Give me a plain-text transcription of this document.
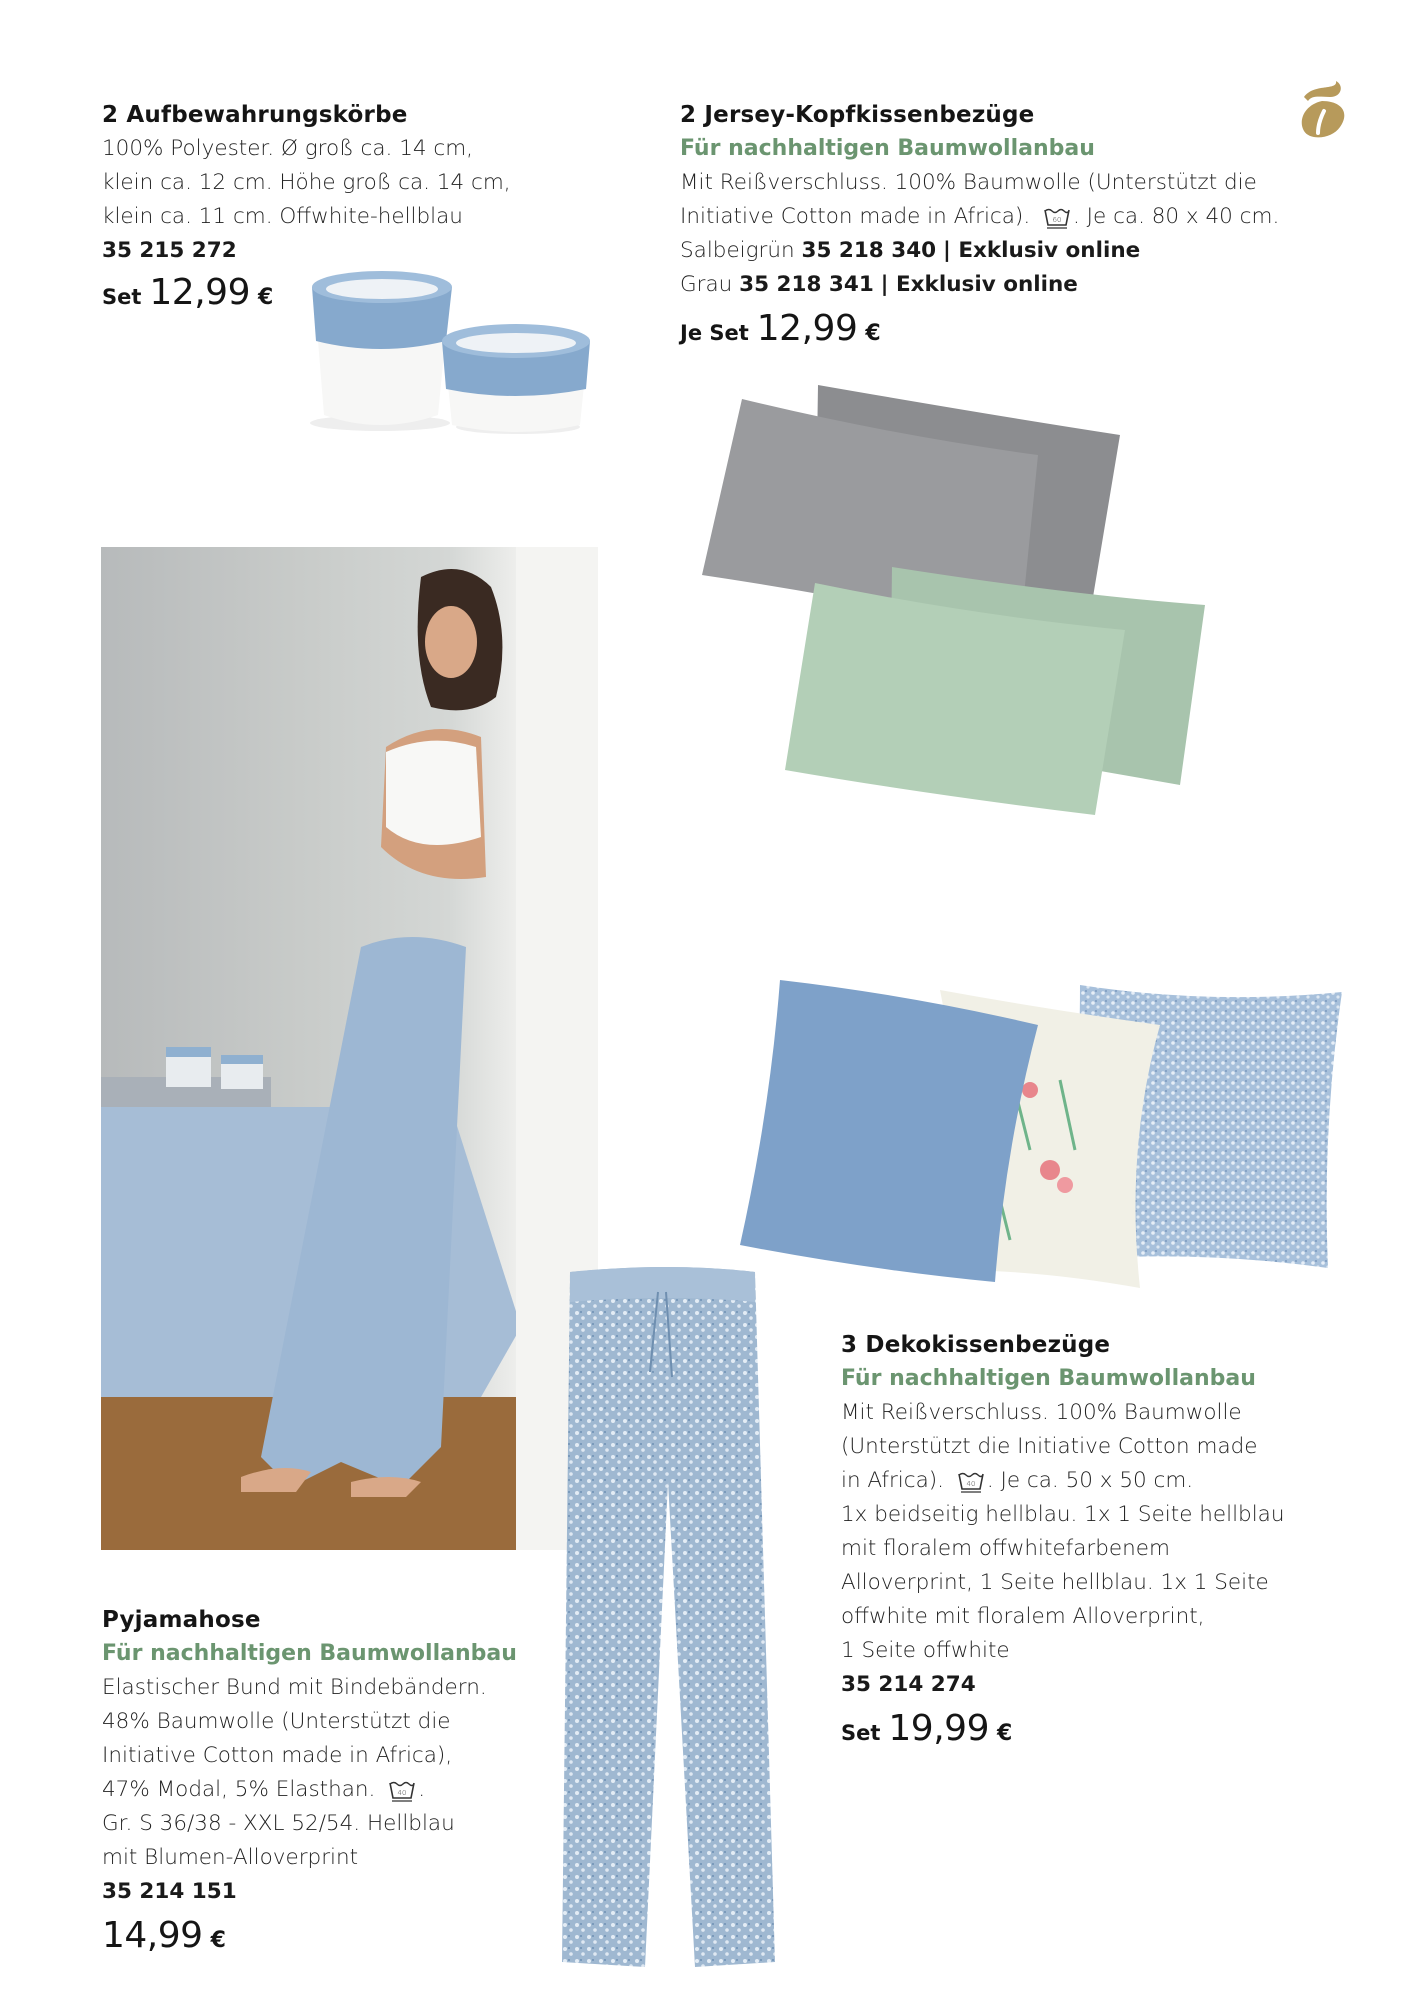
2 Aufbewahrungskörbe
100% Polyester. Ø groß ca. 14 cm,
klein ca. 12 cm. Höhe groß ca. 14 cm,
klein ca. 11 cm. Offwhite-hellblau
35 215 272
Set 12,99 €
2 Jersey-Kopfkissenbezüge
Für nachhaltigen Baumwollanbau
Mit Reißverschluss. 100% Baumwolle (Unterstützt die
Initiative Cotton made in Africa).	60 . Je ca. 80 x 40 cm.
Salbeigrün 35 218 340 | Exklusiv online
Grau 35 218 341 | Exklusiv online
Je Set 12,99 €
Pyjamahose
Für nachhaltigen Baumwollanbau
Elastischer Bund mit Bindebändern.
48% Baumwolle (Unterstützt die
Initiative Cotton made in Africa),
47% Modal, 5% Elasthan.	40 .
Gr. S 36/38 - XXL 52/54. Hellblau
mit Blumen-Alloverprint
35 214 151
14,99 €
3 Dekokissenbezüge
Für nachhaltigen Baumwollanbau
Mit Reißverschluss. 100% Baumwolle
(Unterstützt die Initiative Cotton made
in Africa).	40 . Je ca. 50 x 50 cm.
1x beidseitig hellblau. 1x 1 Seite hellblau
mit floralem offwhitefarbenem
Alloverprint, 1 Seite hellblau. 1x 1 Seite
offwhite mit floralem Alloverprint,
1 Seite offwhite
35 214 274
Set 19,99 €
